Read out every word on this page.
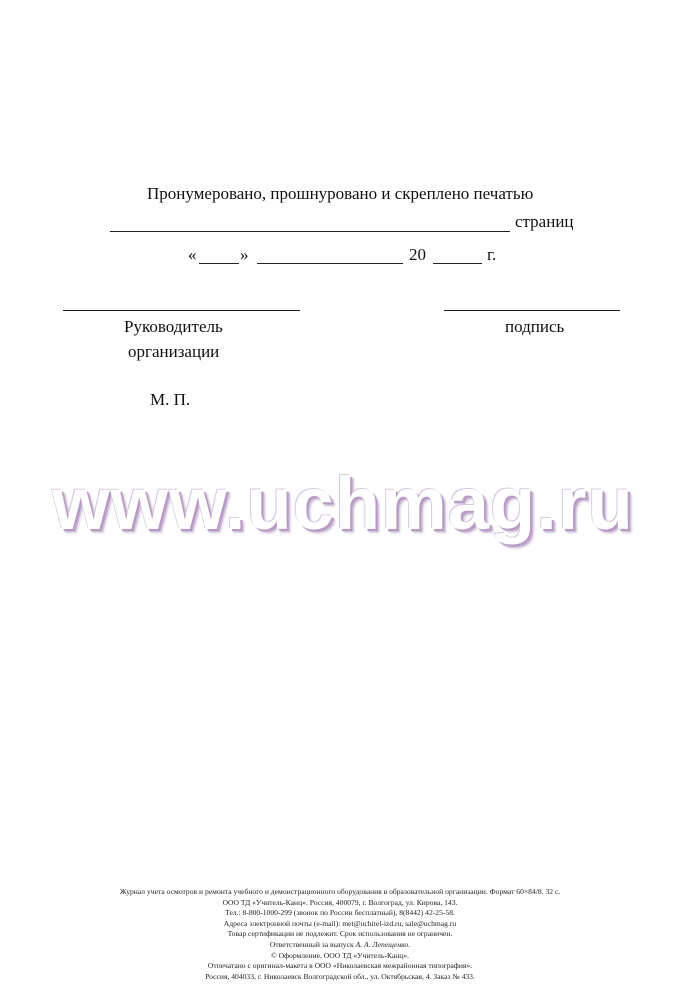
Пронумеровано, прошнуровано и скреплено печатью
страниц
«	»	20	г.
Руководитель
организации
подпись
М. П.
www.uchmag.ru
Журнал учета осмотров и ремонта учебного и демонстрационного оборудования в образовательной организации. Формат 60×84/8. 32 с.
ООО ТД «Учитель-Канц». Россия, 400079, г. Волгоград, ул. Кирова, 143.
Тел.: 8-800-1000-299 (звонок по России бесплатный), 8(8442) 42-25-58.
Адреса электронной почты (e-mail): met@uchitel-izd.ru, sale@uchmag.ru
Товар сертификации не подлежит. Срок использования не ограничен.
Ответственный за выпуск А. А. Лепещенко.
© Оформление. ООО ТД «Учитель-Канц».
Отпечатано с оригинал-макета в ООО «Николаевская межрайонная типография».
Россия, 404033, г. Николаевск Волгоградской обл., ул. Октябрьская, 4. Заказ № 433.
